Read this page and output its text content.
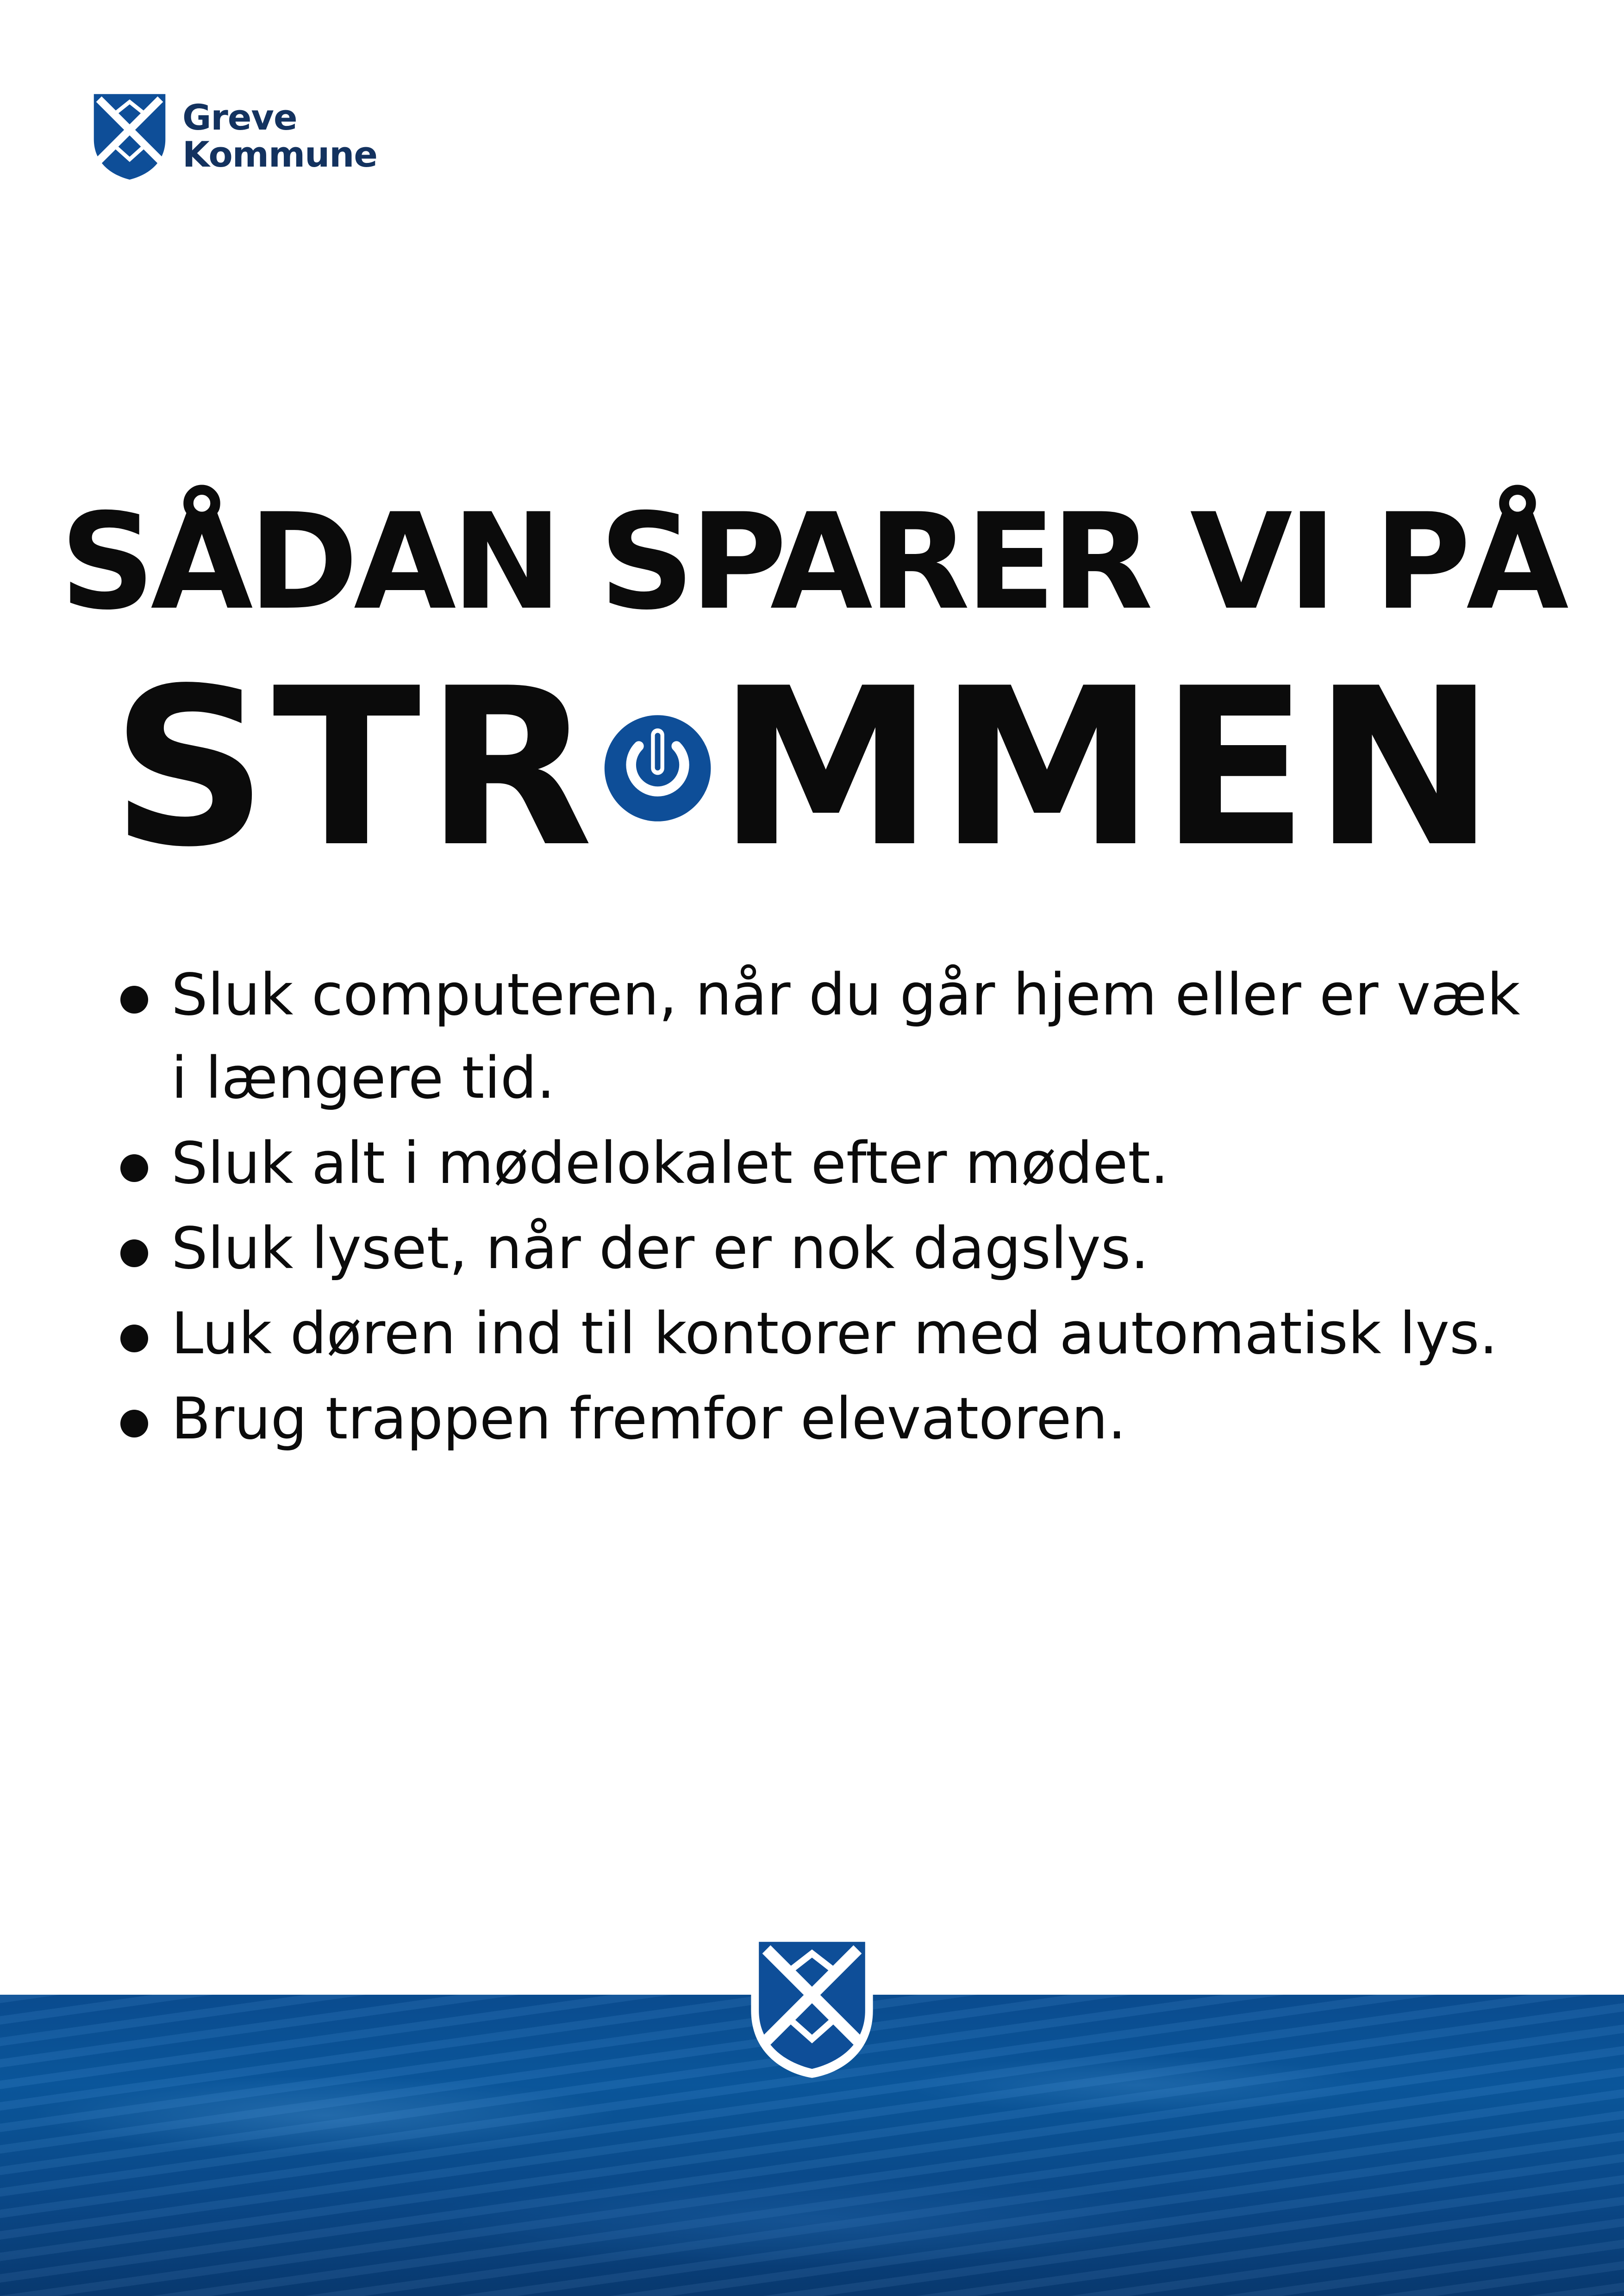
Greve
Kommune
SÅDAN SPARER VI PÅ
STR MMEN
Sluk computeren, når du går hjem eller er væk i længere tid.
Sluk alt i mødelokalet efter mødet.
Sluk lyset, når der er nok dagslys.
Luk døren ind til kontorer med automatisk lys.
Brug trappen fremfor elevatoren.
